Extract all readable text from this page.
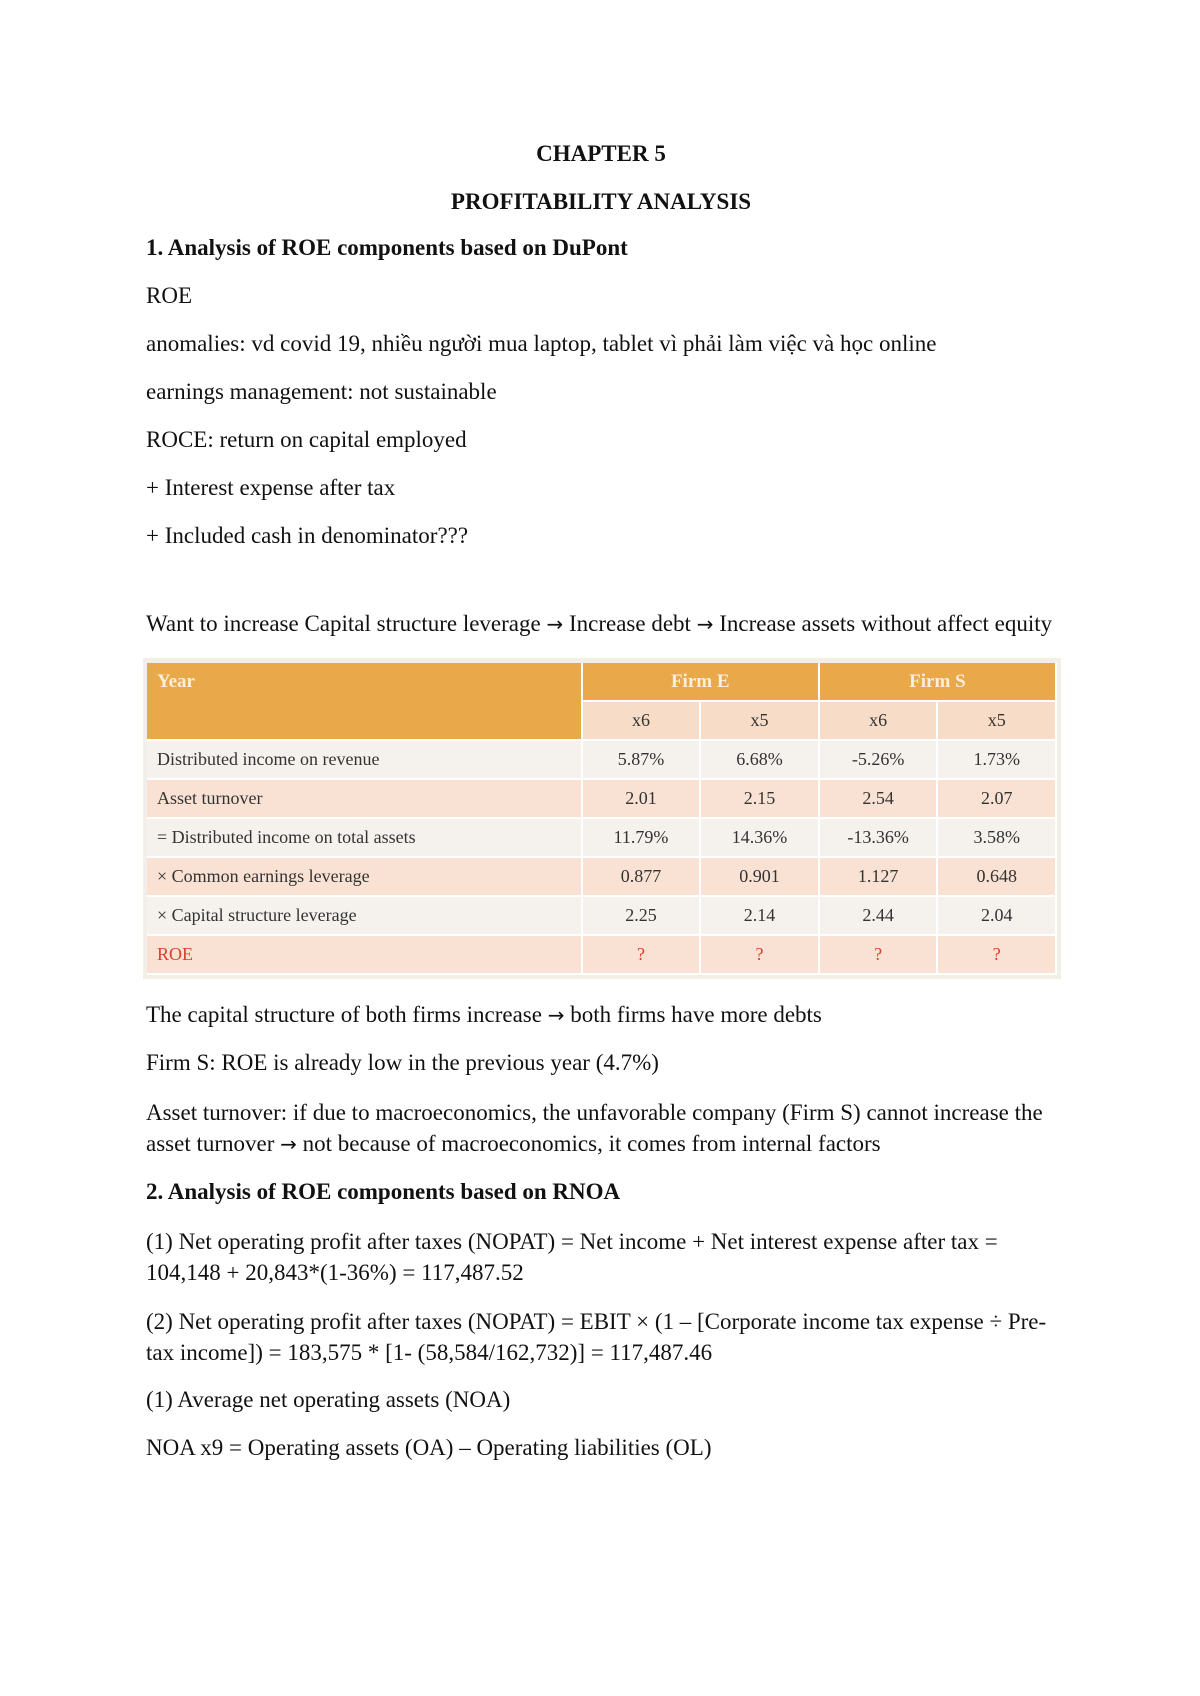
CHAPTER 5

PROFITABILITY ANALYSIS

1. Analysis of ROE components based on DuPont

ROE

anomalies: vd covid 19, nhiều người mua laptop, tablet vì phải làm việc và học online

earnings management: not sustainable

ROCE: return on capital employed

+ Interest expense after tax

+ Included cash in denominator???

Want to increase Capital structure leverage → Increase debt → Increase assets without affect equity

Year	Firm E		Firm S	
	x6	x5	x6	x5
Distributed income on revenue	5.87%	6.68%	-5.26%	1.73%
Asset turnover	2.01	2.15	2.54	2.07
= Distributed income on total assets	11.79%	14.36%	-13.36%	3.58%
× Common earnings leverage	0.877	0.901	1.127	0.648
× Capital structure leverage	2.25	2.14	2.44	2.04
ROE	?	?	?	?

The capital structure of both firms increase → both firms have more debts

Firm S: ROE is already low in the previous year (4.7%)

Asset turnover: if due to macroeconomics, the unfavorable company (Firm S) cannot increase the asset turnover → not because of macroeconomics, it comes from internal factors

2. Analysis of ROE components based on RNOA

(1) Net operating profit after taxes (NOPAT) = Net income + Net interest expense after tax = 104,148 + 20,843*(1-36%) = 117,487.52

(2) Net operating profit after taxes (NOPAT) = EBIT × (1 – [Corporate income tax expense ÷ Pre-tax income]) = 183,575 * [1- (58,584/162,732)] = 117,487.46

(1) Average net operating assets (NOA)

NOA x9 = Operating assets (OA) – Operating liabilities (OL)
